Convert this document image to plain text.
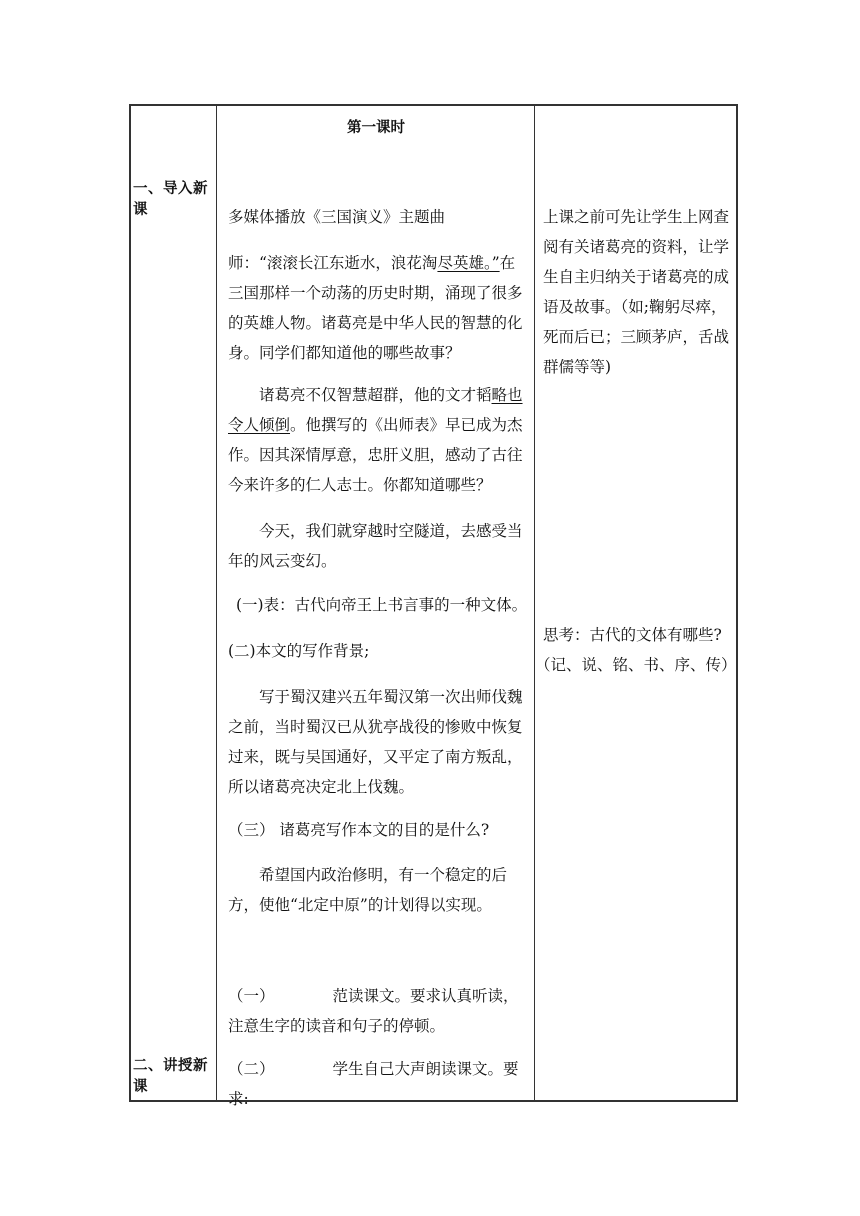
一、导入新课
二、讲授新课
第一课时

多媒体播放《三国演义》主题曲

师：“滚滚长江东逝水，浪花淘尽英雄。”在三国那样一个动荡的历史时期，涌现了很多的英雄人物。诸葛亮是中华人民的智慧的化身。同学们都知道他的哪些故事？

诸葛亮不仅智慧超群，他的文才韬略也令人倾倒。他撰写的《出师表》早已成为杰作。因其深情厚意，忠肝义胆，感动了古往今来许多的仁人志士。你都知道哪些？

今天，我们就穿越时空隧道，去感受当年的风云变幻。

(一)表：古代向帝王上书言事的一种文体。

(二)本文的写作背景;

写于蜀汉建兴五年蜀汉第一次出师伐魏之前，当时蜀汉已从犹亭战役的惨败中恢复过来，既与吴国通好，又平定了南方叛乱，所以诸葛亮决定北上伐魏。

（三） 诸葛亮写作本文的目的是什么?

希望国内政治修明，有一个稳定的后方，使他“北定中原”的计划得以实现。

（一）	范读课文。要求认真听读，注意生字的读音和句子的停顿。

（二）	学生自己大声朗读课文。要求:

上课之前可先让学生上网查阅有关诸葛亮的资料，让学生自主归纳关于诸葛亮的成语及故事。（如;鞠躬尽瘁，死而后已；三顾茅庐，舌战群儒等等)

思考：古代的文体有哪些?

（记、说、铭、书、序、传）
